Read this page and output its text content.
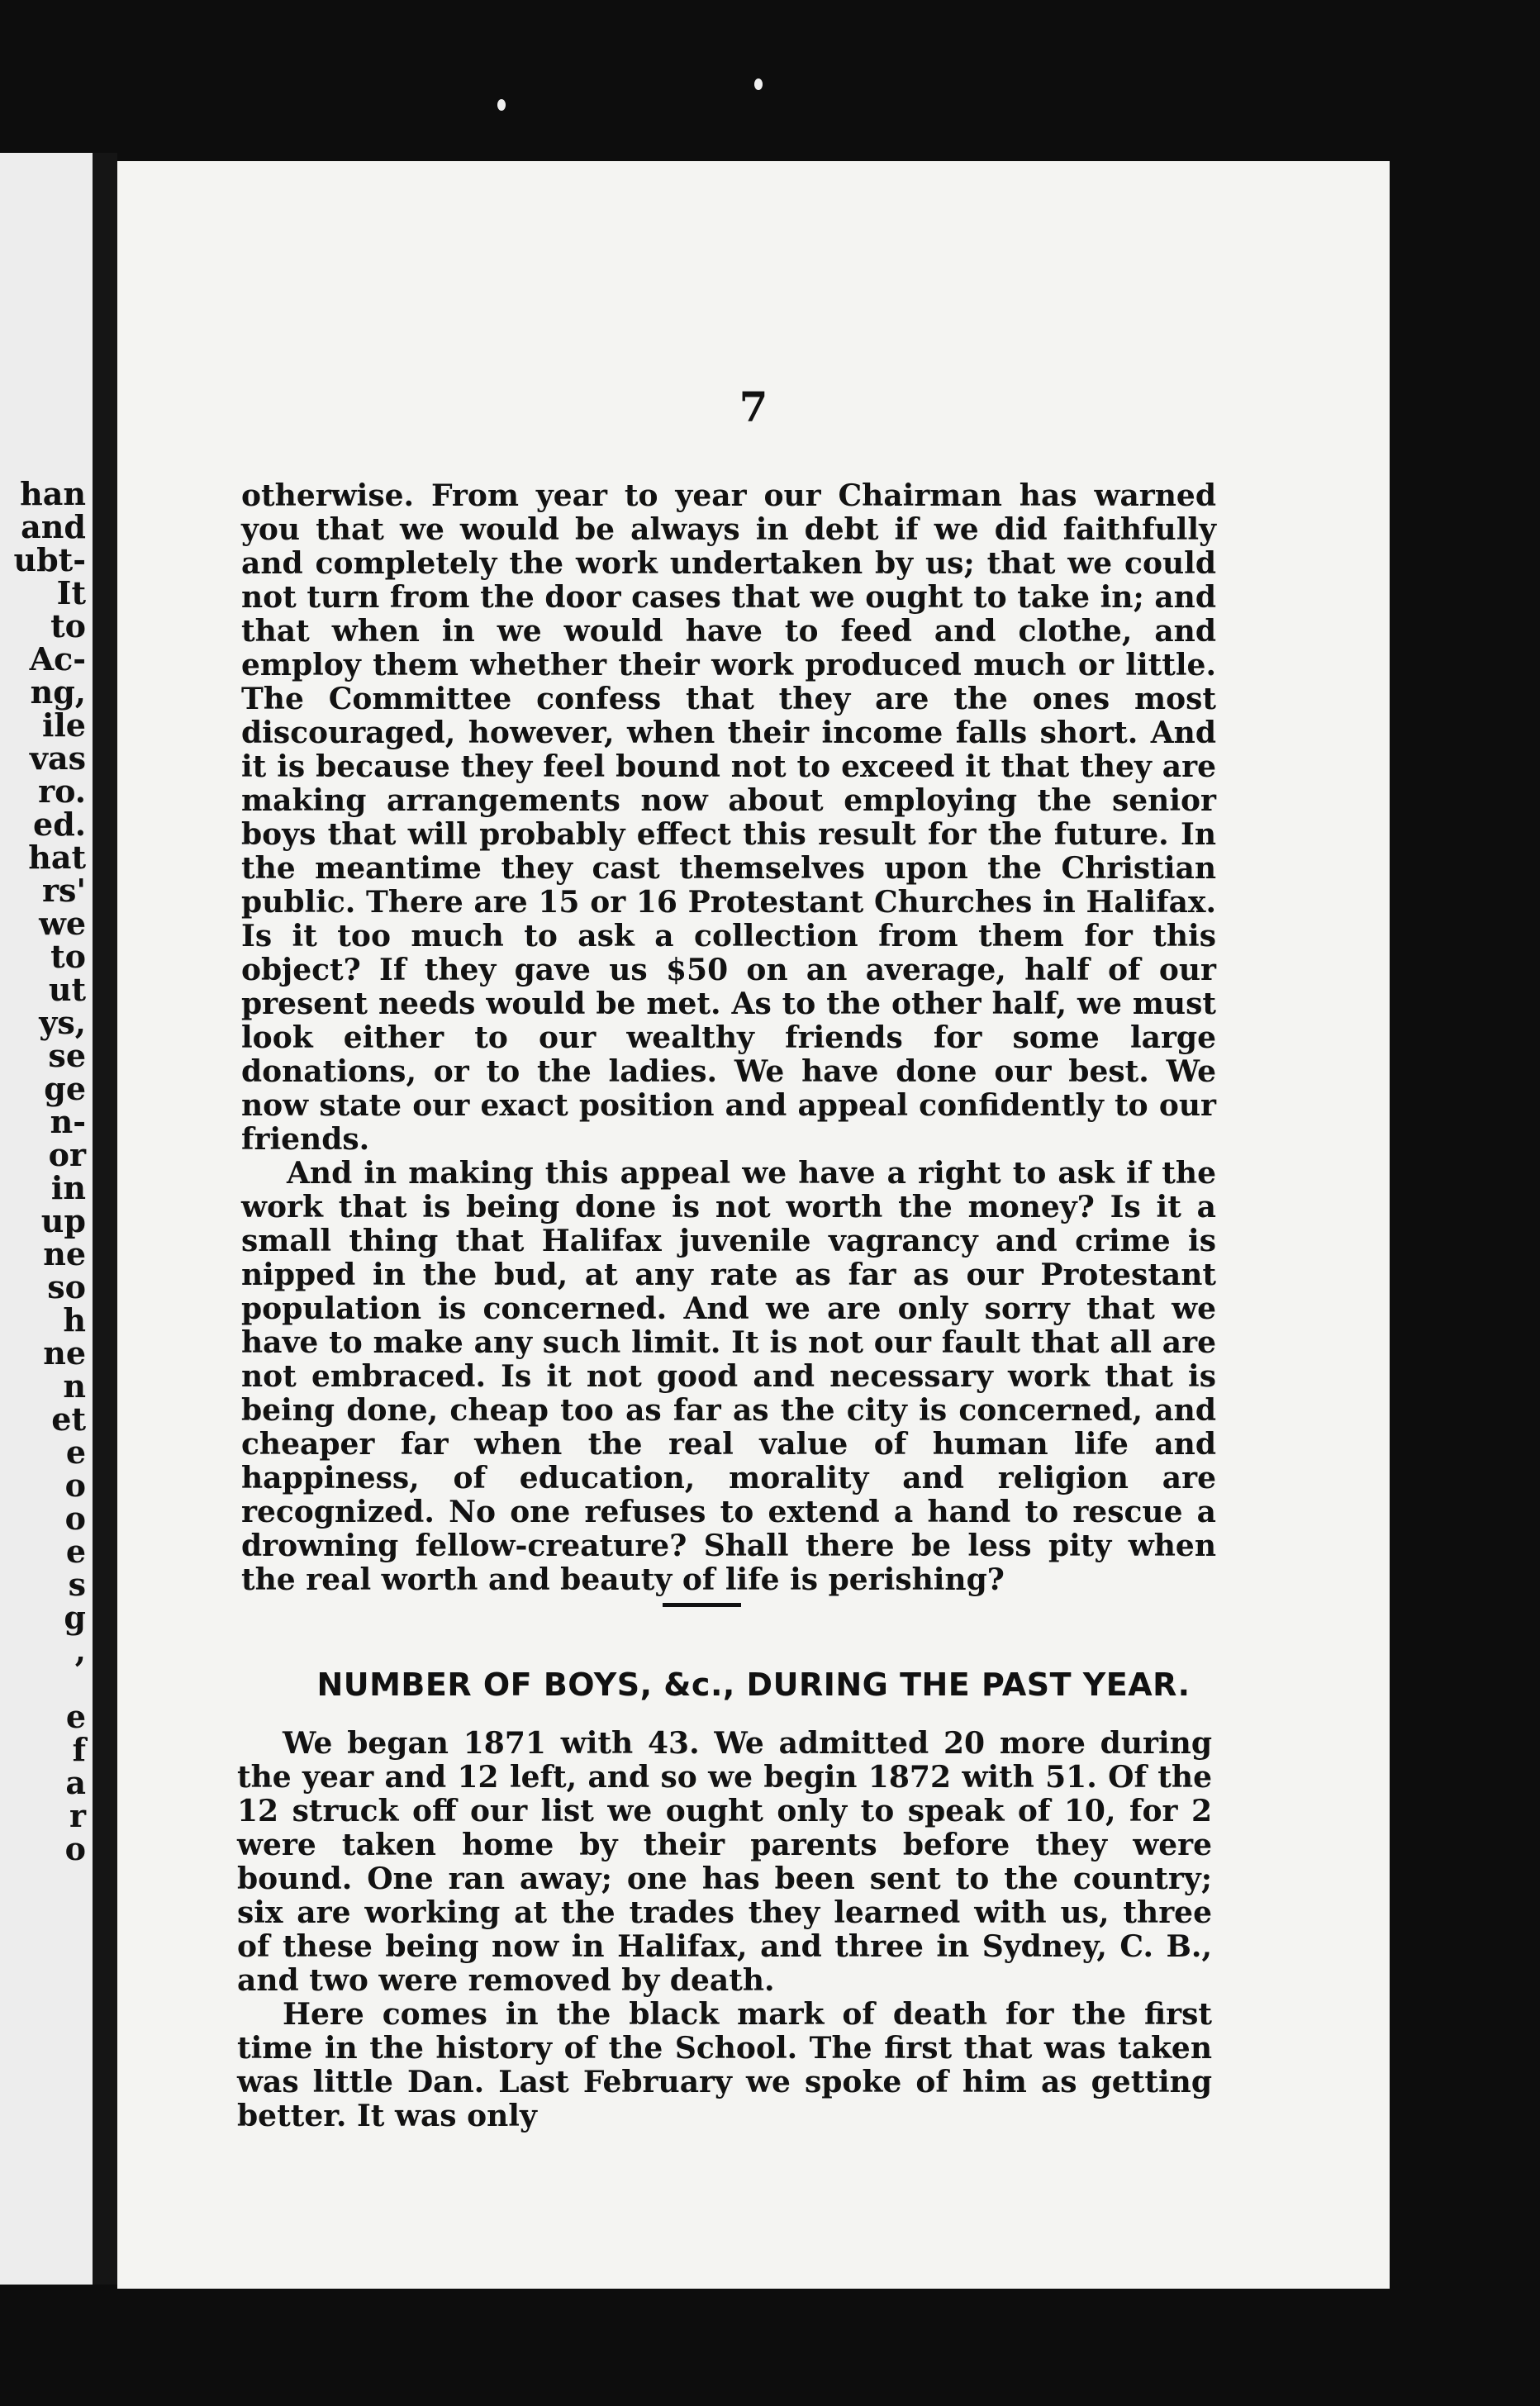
han
and
ubt-
It
to
Ac-
ng,
ile
vas
ro.
ed.
hat
rs'
we
to
ut
ys,
se
ge
n-
or
in
up
ne
so
h
ne
n
et
e
o
o
e
s
g
,
e
f
a
r
o
7

otherwise. From year to year our Chairman has warned you that we would be always in debt if we did faithfully and completely the work undertaken by us; that we could not turn from the door cases that we ought to take in; and that when in we would have to feed and clothe, and employ them whether their work produced much or little. The Committee confess that they are the ones most discouraged, however, when their income falls short. And it is because they feel bound not to exceed it that they are making arrangements now about employing the senior boys that will probably effect this result for the future. In the meantime they cast themselves upon the Christian public. There are 15 or 16 Protestant Churches in Halifax. Is it too much to ask a collection from them for this object? If they gave us $50 on an average, half of our present needs would be met. As to the other half, we must look either to our wealthy friends for some large donations, or to the ladies. We have done our best. We now state our exact position and appeal confidently to our friends.

And in making this appeal we have a right to ask if the work that is being done is not worth the money? Is it a small thing that Halifax juvenile vagrancy and crime is nipped in the bud, at any rate as far as our Protestant population is concerned. And we are only sorry that we have to make any such limit. It is not our fault that all are not embraced. Is it not good and necessary work that is being done, cheap too as far as the city is concerned, and cheaper far when the real value of human life and happiness, of education, morality and religion are recognized. No one refuses to extend a hand to rescue a drowning fellow-creature? Shall there be less pity when the real worth and beauty of life is perishing?

NUMBER OF BOYS, &c., DURING THE PAST YEAR.

We began 1871 with 43. We admitted 20 more during the year and 12 left, and so we begin 1872 with 51. Of the 12 struck off our list we ought only to speak of 10, for 2 were taken home by their parents before they were bound. One ran away; one has been sent to the country; six are working at the trades they learned with us, three of these being now in Halifax, and three in Sydney, C. B., and two were removed by death.

Here comes in the black mark of death for the first time in the history of the School. The first that was taken was little Dan. Last February we spoke of him as getting better. It was only
